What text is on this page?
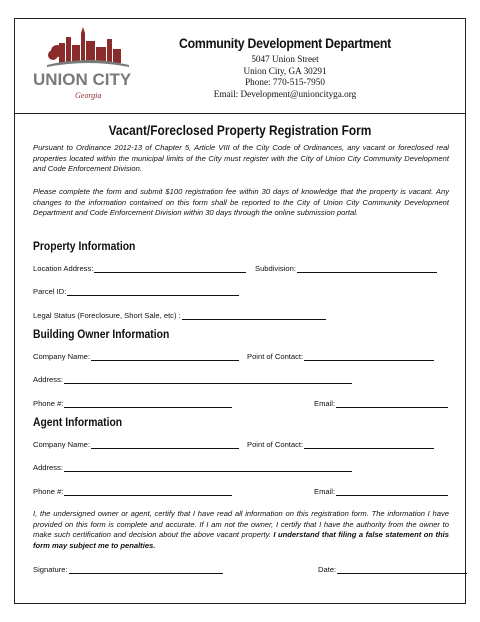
UNION CITY
Georgia
Community Development Department
5047 Union Street
Union City, GA 30291
Phone: 770-515-7950
Email: Development@unioncityga.org
Vacant/Foreclosed Property Registration Form
Pursuant to Ordinance 2012-13 of Chapter 5, Article VIII of the City Code of Ordinances, any vacant or foreclosed real properties located within the municipal limits of the City must register with the City of Union City Community Development and Code Enforcement Division.
Please complete the form and submit $100 registration fee within 30 days of knowledge that the property is vacant. Any changes to the information contained on this form shall be reported to the City of Union City Community Development Department and Code Enforcement Division within 30 days through the online submission portal.
Property Information
Location Address:	Subdivision:
Parcel ID:
Legal Status (Foreclosure, Short Sale, etc) :
Building Owner Information
Company Name:	Point of Contact:
Address:
Phone #:	Email:
Agent Information
Company Name:	Point of Contact:
Address:
Phone #:	Email:
I, the undersigned owner or agent, certify that I have read all information on this registration form. The information I have provided on this form is complete and accurate. If I am not the owner, I certify that I have the authority from the owner to make such certification and decision about the above vacant property. I understand that filing a false statement on this form may subject me to penalties.
Signature:	Date:
